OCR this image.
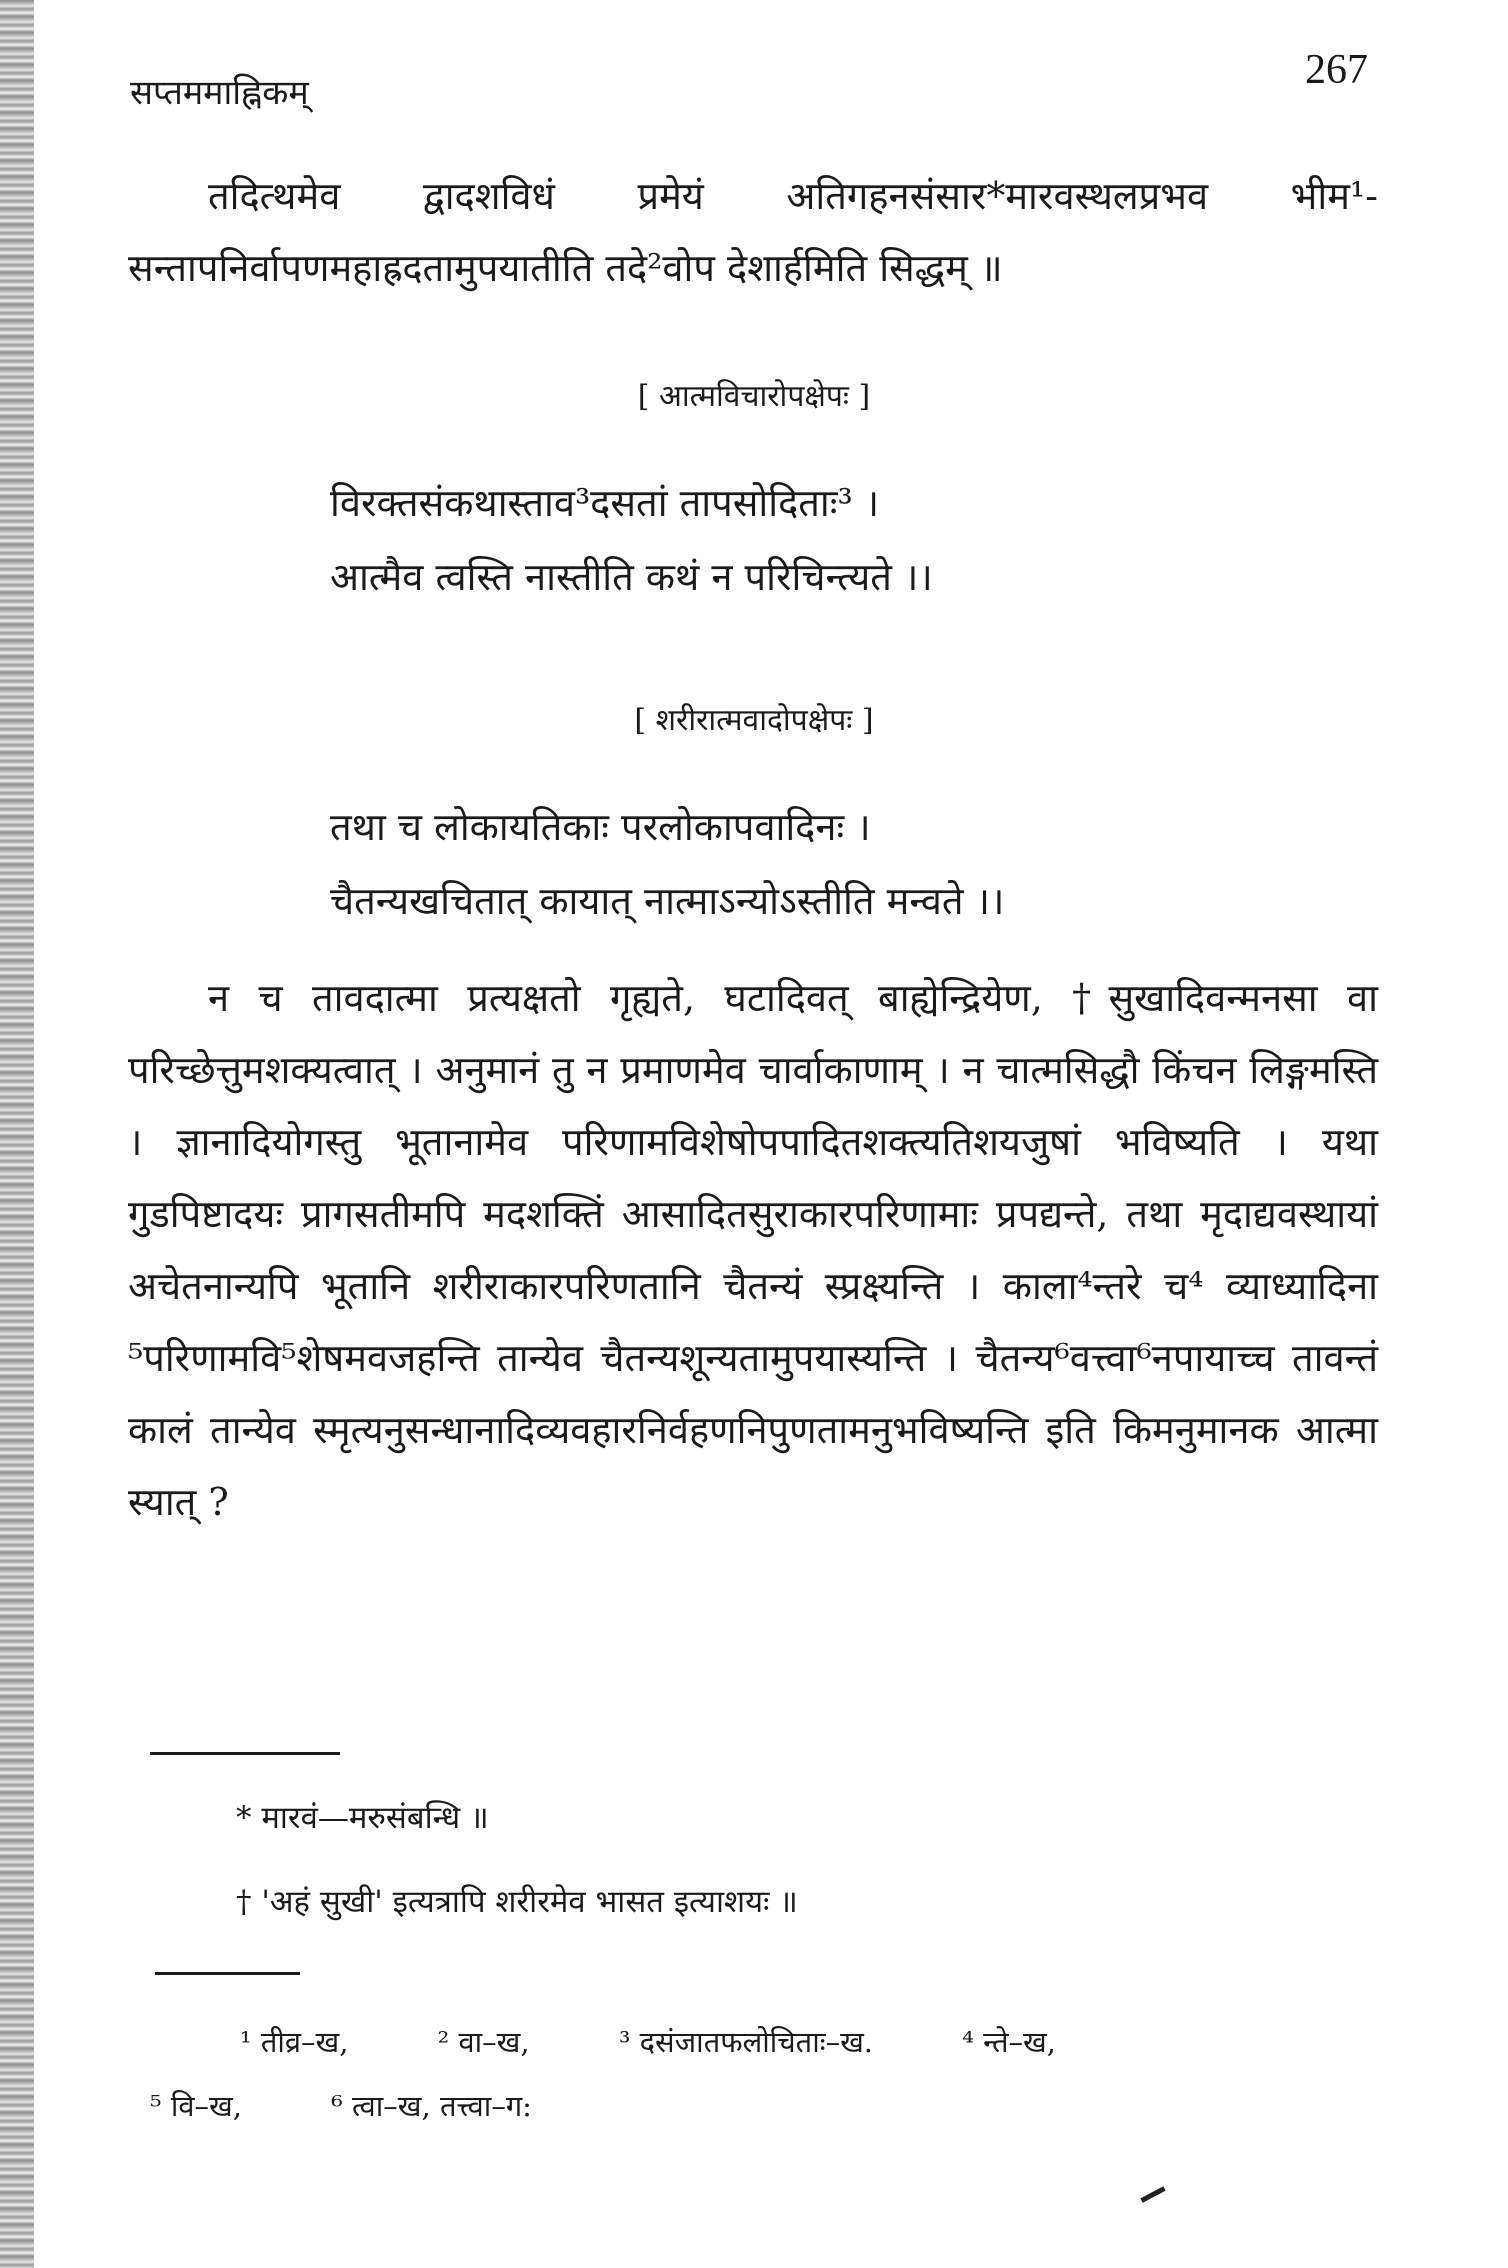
सप्तममाह्निकम्	267

तदित्थमेव द्वादशविधं प्रमेयं अतिगहनसंसार*मारवस्थलप्रभव भीम¹-सन्तापनिर्वापणमहाह्रदतामुपयातीति तदे²वोप देशार्हमिति सिद्धम् ॥

[ आत्मविचारोपक्षेपः ]
विरक्तसंकथास्ताव³दसतां तापसोदिताः³ ।
आत्मैव त्वस्ति नास्तीति कथं न परिचिन्त्यते ।।
[ शरीरात्मवादोपक्षेपः ]
तथा च लोकायतिकाः परलोकापवादिनः ।
चैतन्यखचितात् कायात् नात्माऽन्योऽस्तीति मन्वते ।।

न च तावदात्मा प्रत्यक्षतो गृह्यते, घटादिवत् बाह्येन्द्रियेण, †सुखादिवन्मनसा वा परिच्छेत्तुमशक्यत्वात् । अनुमानं तु न प्रमाणमेव चार्वाकाणाम् । न चात्मसिद्धौ किंचन लिङ्गमस्ति । ज्ञानादियोगस्तु भूतानामेव परिणामविशेषोपपादितशक्त्यतिशयजुषां भविष्यति । यथा गुडपिष्टादयः प्रागसतीमपि मदशक्तिं आसादितसुराकारपरिणामाः प्रपद्यन्ते, तथा मृदाद्यवस्थायां अचेतनान्यपि भूतानि शरीराकारपरिणतानि चैतन्यं स्प्रक्ष्यन्ति । काला⁴न्तरे च⁴ व्याध्यादिना ⁵परिणामवि⁵शेषमवजहन्ति तान्येव चैतन्यशून्यतामुपयास्यन्ति । चैतन्य⁶वत्त्वा⁶नपायाच्च तावन्तं कालं तान्येव स्मृत्यनुसन्धानादिव्यवहारनिर्वहणनिपुणतामनुभविष्यन्ति इति किमनुमानक आत्मा स्यात् ?

* मारवं—मरुसंबन्धि ॥
† 'अहं सुखी' इत्यत्रापि शरीरमेव भासत इत्याशयः ॥
¹ तीव्र–ख,	² वा–ख,	³ दसंजातफलोचिताः–ख.	⁴ न्ते–ख,
⁵ वि–ख,	⁶ त्वा–ख, तत्त्वा–ग:
